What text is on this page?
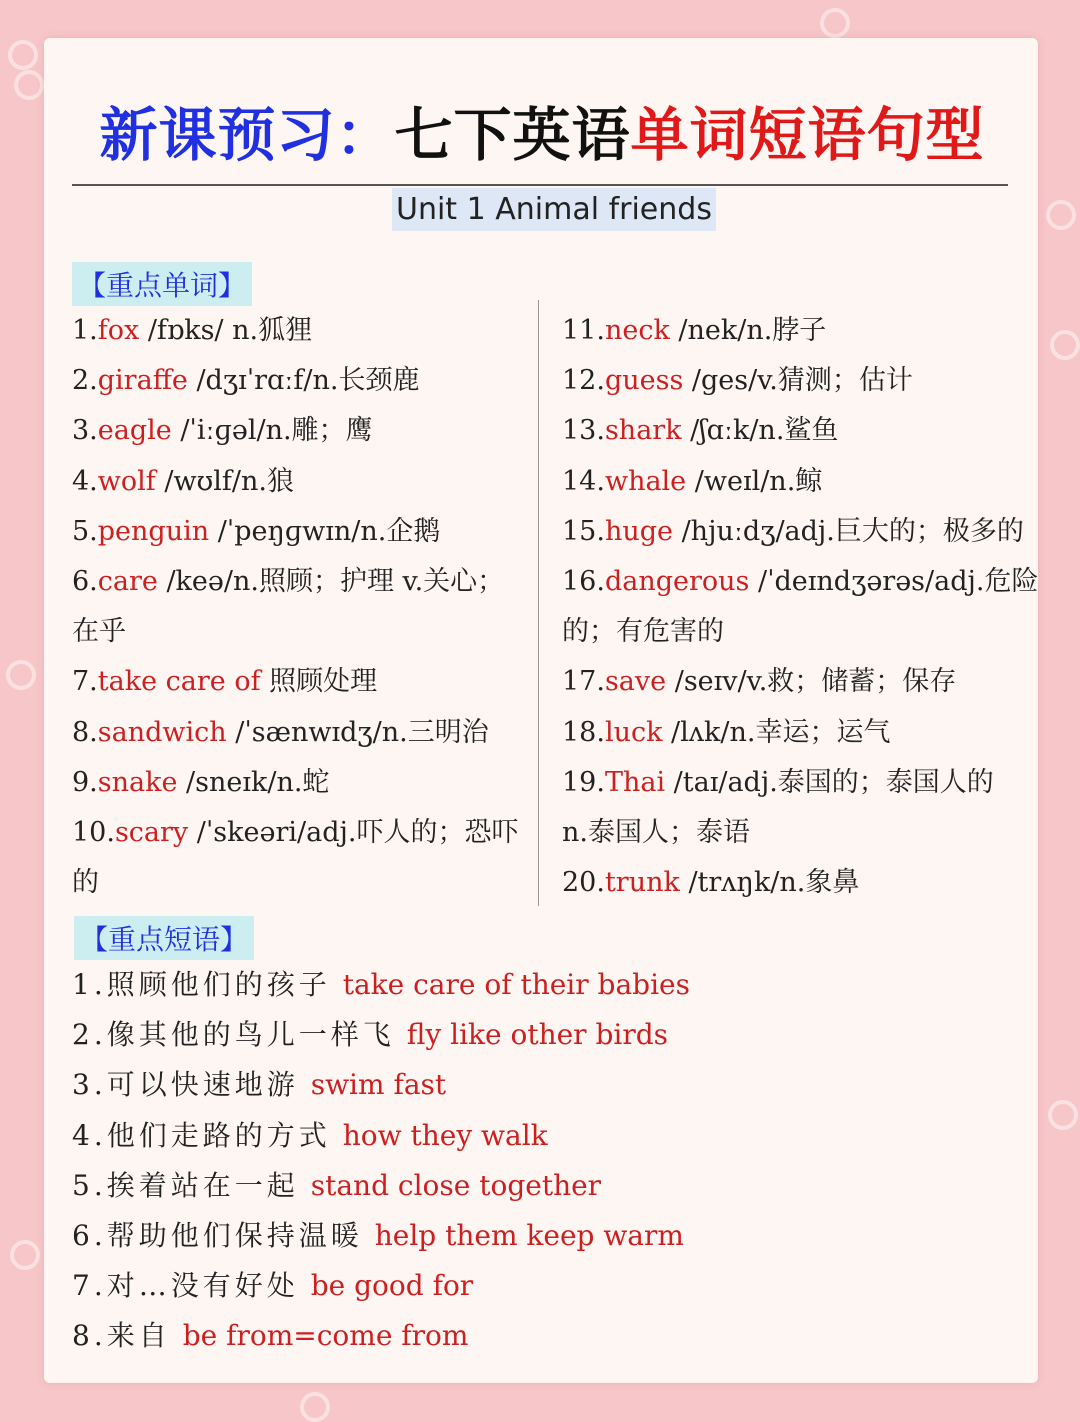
新课预习：七下英语单词短语句型
Unit 1 Animal friends
【重点单词】
1.fox /fɒks/ n.狐狸
2.giraffe /dʒɪˈrɑːf/n.长颈鹿
3.eagle /ˈiːɡəl/n.雕；鹰
4.wolf /wʊlf/n.狼
5.penguin /ˈpeŋɡwɪn/n.企鹅
6.care /keə/n.照顾；护理 v.关心；
在乎
7.take care of 照顾处理
8.sandwich /ˈsænwɪdʒ/n.三明治
9.snake /sneɪk/n.蛇
10.scary /ˈskeəri/adj.吓人的；恐吓
的
11.neck /nek/n.脖子
12.guess /ges/v.猜测；估计
13.shark /ʃɑːk/n.鲨鱼
14.whale /weɪl/n.鲸
15.huge /hjuːdʒ/adj.巨大的；极多的
16.dangerous /ˈdeɪndʒərəs/adj.危险
的；有危害的
17.save /seɪv/v.救；储蓄；保存
18.luck /lʌk/n.幸运；运气
19.Thai /taɪ/adj.泰国的；泰国人的
n.泰国人；泰语
20.trunk /trʌŋk/n.象鼻
【重点短语】
1.照顾他们的孩子 take care of their babies
2.像其他的鸟儿一样飞 fly like other birds
3.可以快速地游 swim fast
4.他们走路的方式 how they walk
5.挨着站在一起 stand close together
6.帮助他们保持温暖 help them keep warm
7.对…没有好处 be good for
8.来自 be from=come from
